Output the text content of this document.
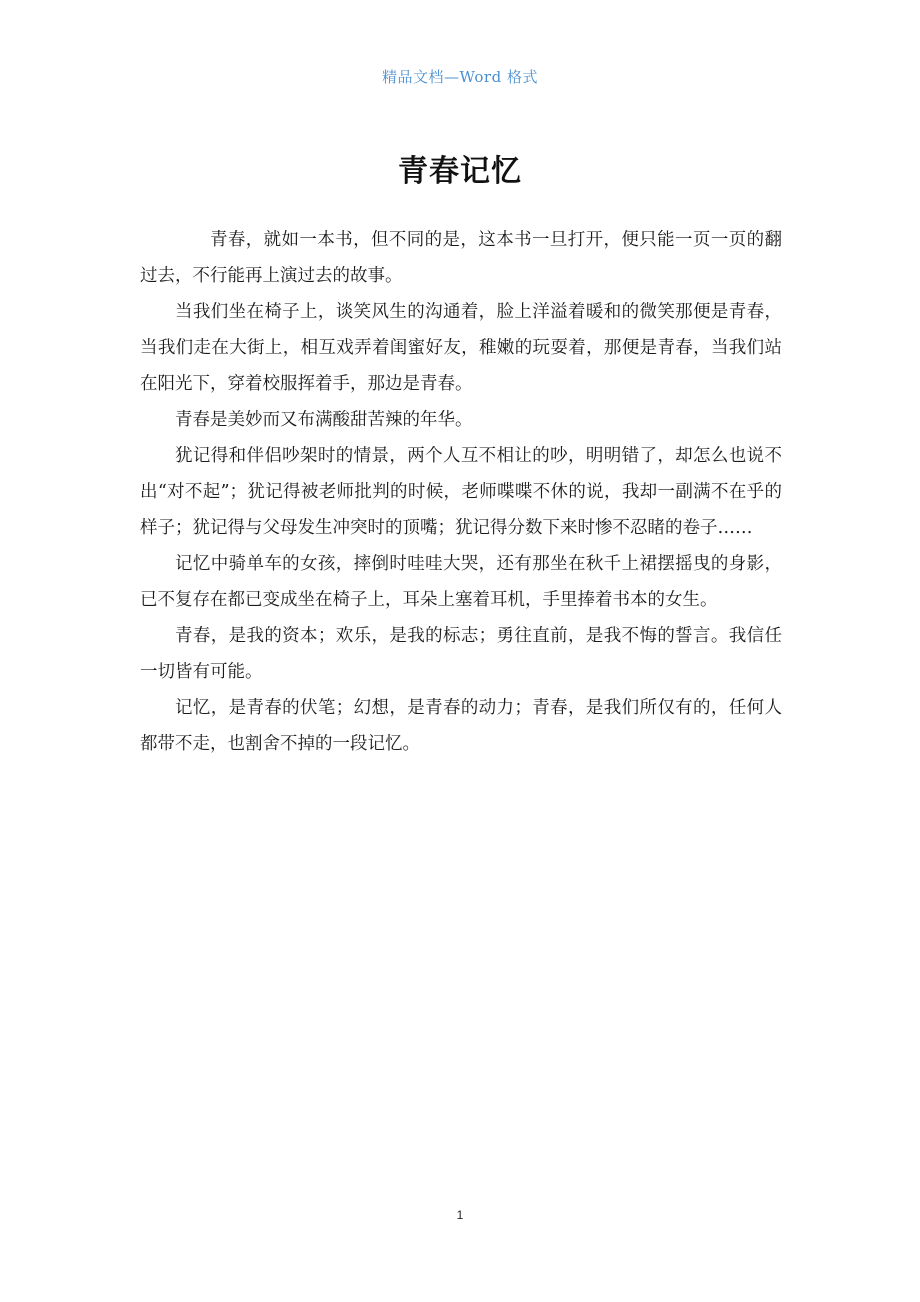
精品文档—Word 格式
青春记忆

青春，就如一本书，但不同的是，这本书一旦打开，便只能一页一页的翻过去，不行能再上演过去的故事。

当我们坐在椅子上，谈笑风生的沟通着，脸上洋溢着暖和的微笑那便是青春，当我们走在大街上，相互戏弄着闺蜜好友，稚嫩的玩耍着，那便是青春，当我们站在阳光下，穿着校服挥着手，那边是青春。

青春是美妙而又布满酸甜苦辣的年华。

犹记得和伴侣吵架时的情景，两个人互不相让的吵，明明错了，却怎么也说不出“对不起”；犹记得被老师批判的时候，老师喋喋不休的说，我却一副满不在乎的样子；犹记得与父母发生冲突时的顶嘴；犹记得分数下来时惨不忍睹的卷子……

记忆中骑单车的女孩，摔倒时哇哇大哭，还有那坐在秋千上裙摆摇曳的身影，已不复存在都已变成坐在椅子上，耳朵上塞着耳机，手里捧着书本的女生。

青春，是我的资本；欢乐，是我的标志；勇往直前，是我不悔的誓言。我信任一切皆有可能。

记忆，是青春的伏笔；幻想，是青春的动力；青春，是我们所仅有的，任何人都带不走，也割舍不掉的一段记忆。

1
